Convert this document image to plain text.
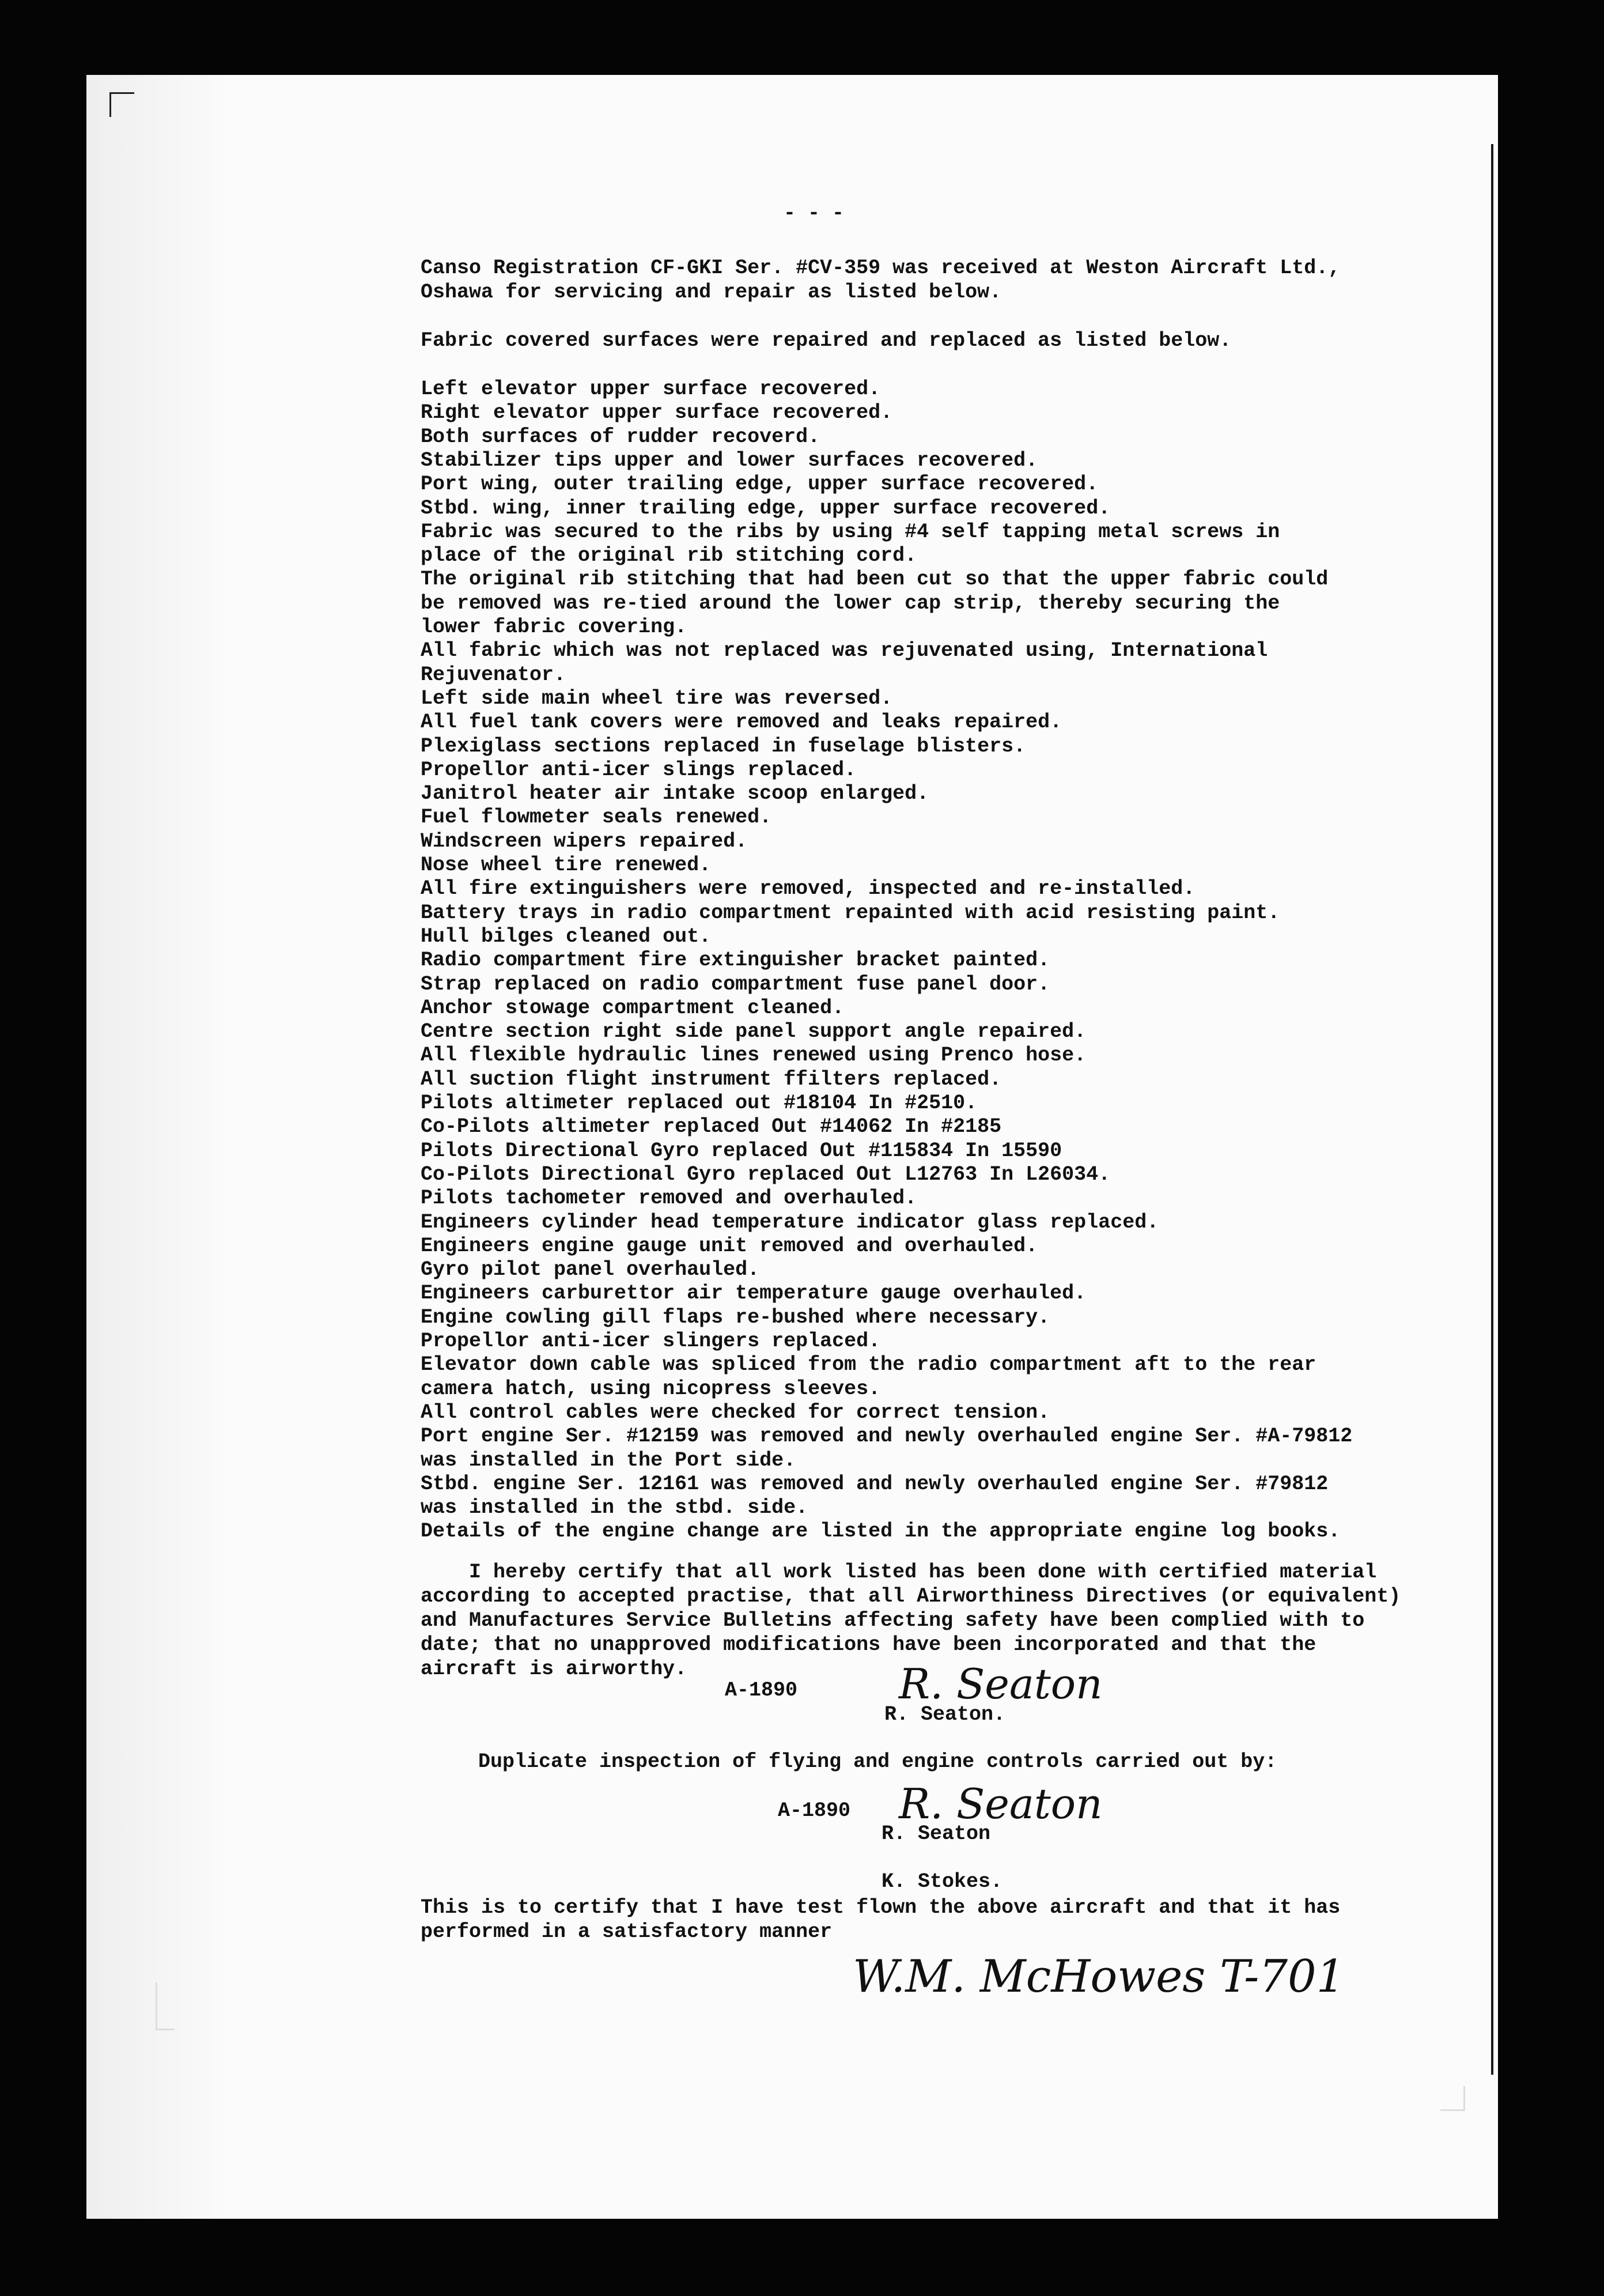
- - -
Canso Registration CF-GKI Ser. #CV-359 was received at Weston Aircraft Ltd.,
Oshawa for servicing and repair as listed below.
Fabric covered surfaces were repaired and replaced as listed below.
Left elevator upper surface recovered.
Right elevator upper surface recovered.
Both surfaces of rudder recoverd.
Stabilizer tips upper and lower surfaces recovered.
Port wing, outer trailing edge, upper surface recovered.
Stbd. wing, inner trailing edge, upper surface recovered.
Fabric was secured to the ribs by using #4 self tapping metal screws in
place of the original rib stitching cord.
The original rib stitching that had been cut so that the upper fabric could
be removed was re-tied around the lower cap strip, thereby securing the
lower fabric covering.
All fabric which was not replaced was rejuvenated using, International
Rejuvenator.
Left side main wheel tire was reversed.
All fuel tank covers were removed and leaks repaired.
Plexiglass sections replaced in fuselage blisters.
Propellor anti-icer slings replaced.
Janitrol heater air intake scoop enlarged.
Fuel flowmeter seals renewed.
Windscreen wipers repaired.
Nose wheel tire renewed.
All fire extinguishers were removed, inspected and re-installed.
Battery trays in radio compartment repainted with acid resisting paint.
Hull bilges cleaned out.
Radio compartment fire extinguisher bracket painted.
Strap replaced on radio compartment fuse panel door.
Anchor stowage compartment cleaned.
Centre section right side panel support angle repaired.
All flexible hydraulic lines renewed using Prenco hose.
All suction flight instrument ffilters replaced.
Pilots altimeter replaced out #18104 In #2510.
Co-Pilots altimeter replaced Out #14062 In #2185
Pilots Directional Gyro replaced Out #115834 In 15590
Co-Pilots Directional Gyro replaced Out L12763 In L26034.
Pilots tachometer removed and overhauled.
Engineers cylinder head temperature indicator glass replaced.
Engineers engine gauge unit removed and overhauled.
Gyro pilot panel overhauled.
Engineers carburettor air temperature gauge overhauled.
Engine cowling gill flaps re-bushed where necessary.
Propellor anti-icer slingers replaced.
Elevator down cable was spliced from the radio compartment aft to the rear
camera hatch, using nicopress sleeves.
All control cables were checked for correct tension.
Port engine Ser. #12159 was removed and newly overhauled engine Ser. #A-79812
was installed in the Port side.
Stbd. engine Ser. 12161 was removed and newly overhauled engine Ser. #79812
was installed in the stbd. side.
Details of the engine change are listed in the appropriate engine log books.
I hereby certify that all work listed has been done with certified material
according to accepted practise, that all Airworthiness Directives (or equivalent)
and Manufactures Service Bulletins affecting safety have been complied with to
date; that no unapproved modifications have been incorporated and that the
aircraft is airworthy.
A-1890 R. Seaton
R. Seaton.
Duplicate inspection of flying and engine controls carried out by:
A-1890 R. Seaton
R. Seaton
K. Stokes.
This is to certify that I have test flown the above aircraft and that it has
performed in a satisfactory manner
W.M. McHowes T-701
